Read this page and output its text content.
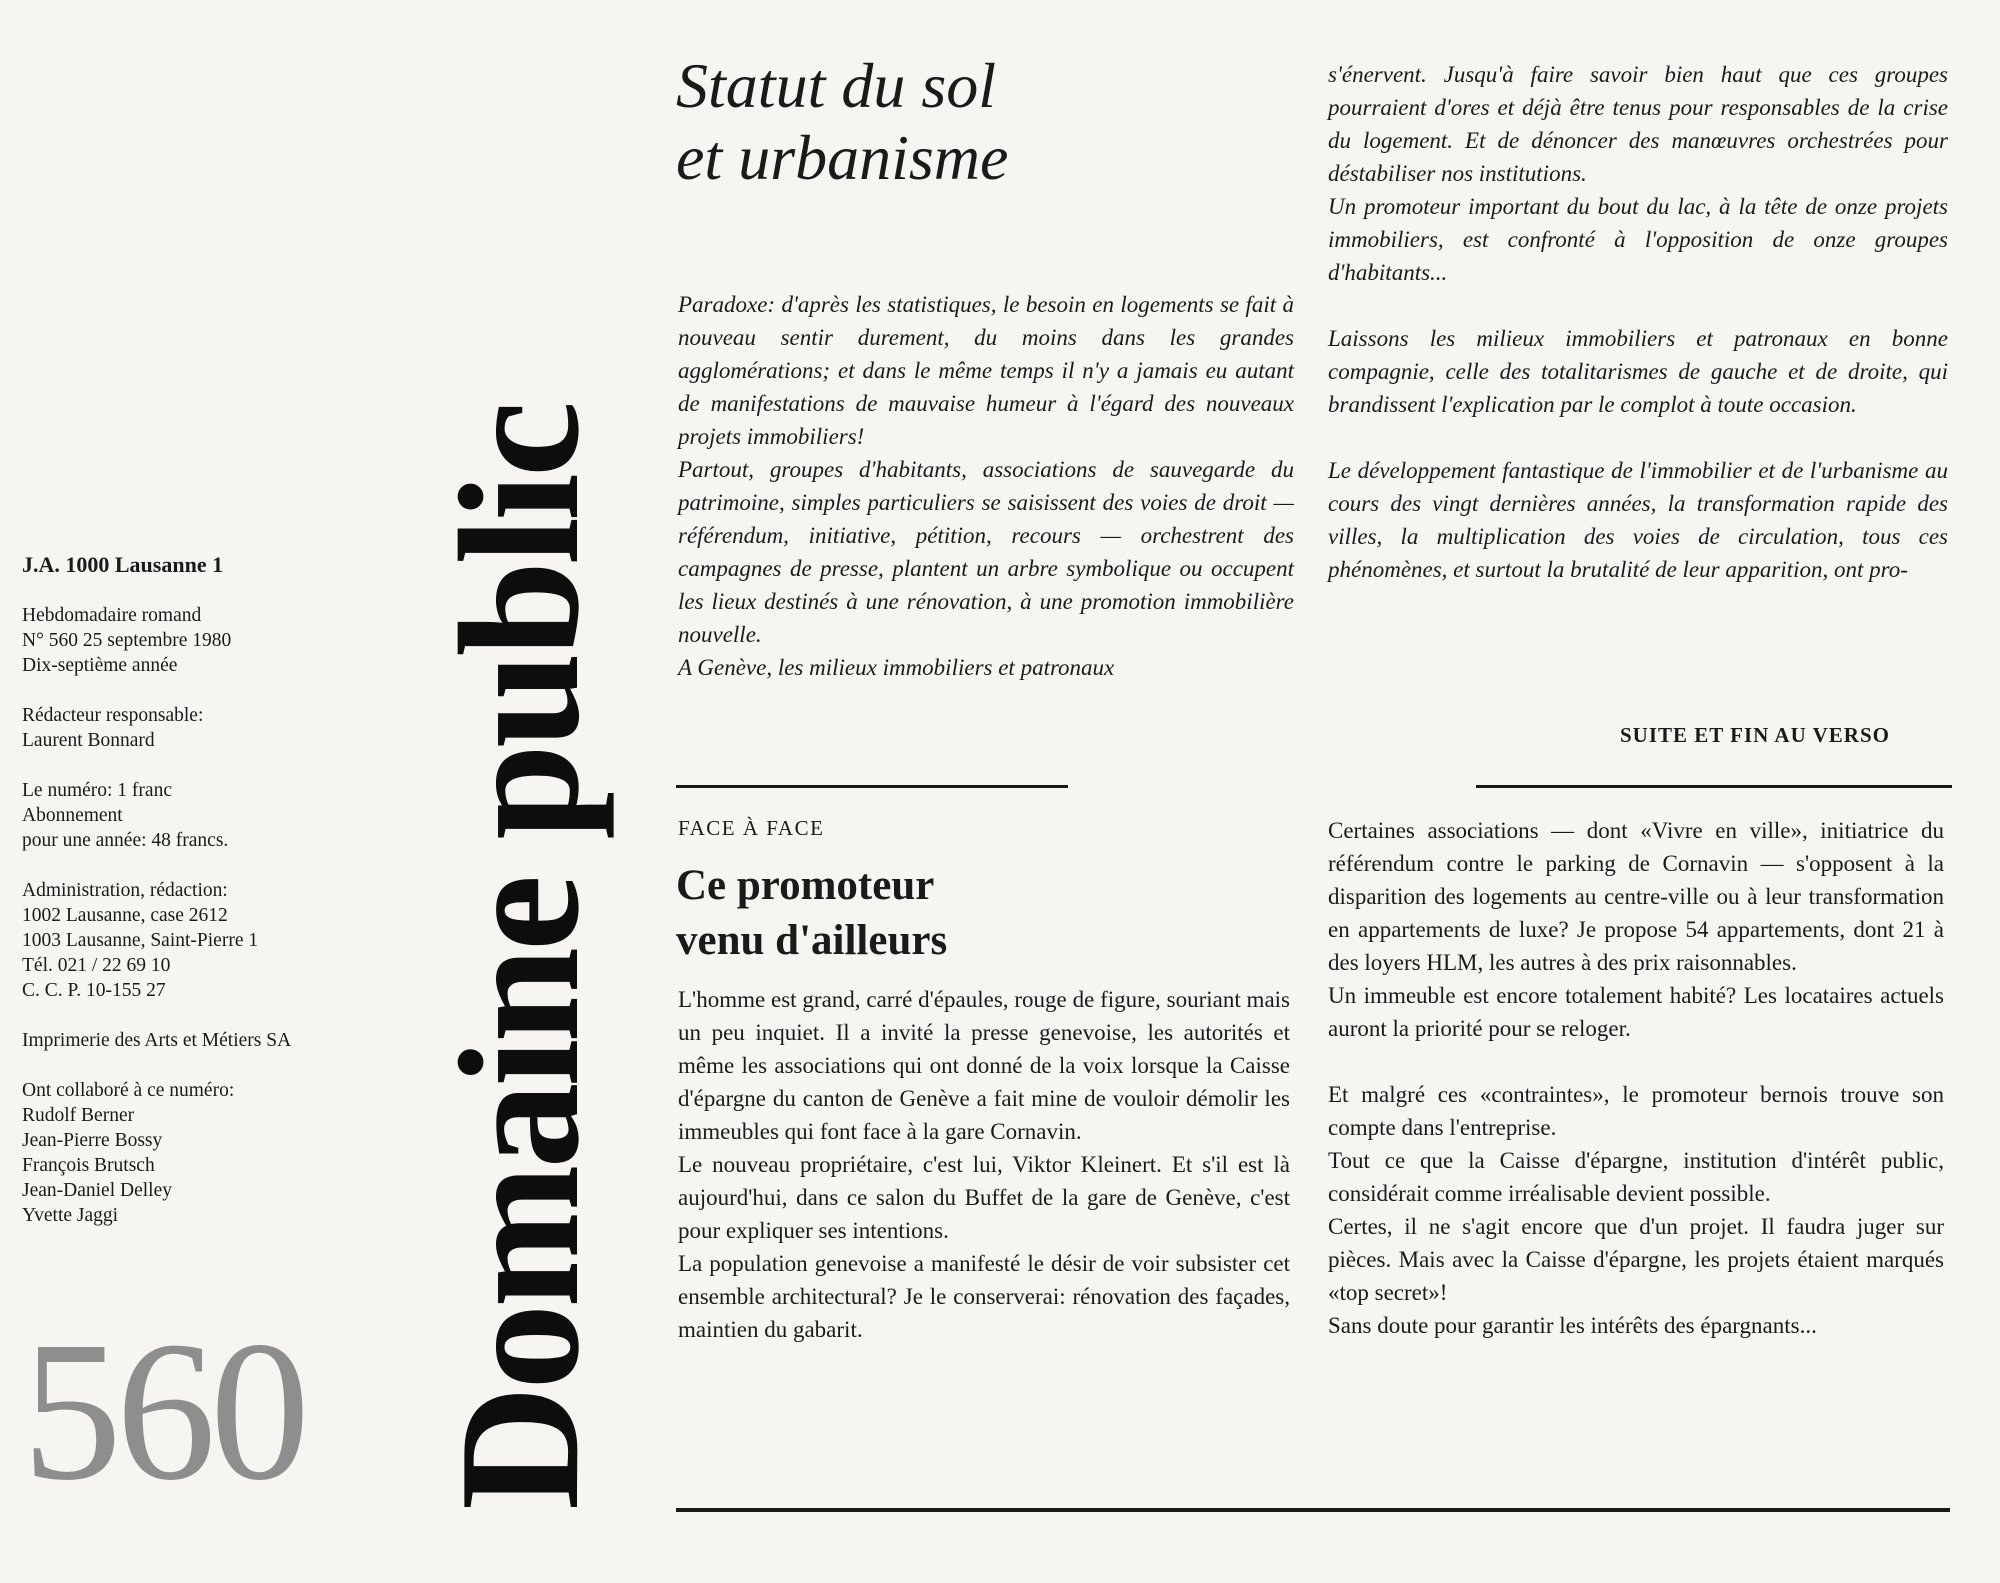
J.A. 1000 Lausanne 1
Hebdomadaire romand
N° 560 25 septembre 1980
Dix-septième année
Rédacteur responsable:
Laurent Bonnard
Le numéro: 1 franc
Abonnement
pour une année: 48 francs.
Administration, rédaction:
1002 Lausanne, case 2612
1003 Lausanne, Saint-Pierre 1
Tél. 021 / 22 69 10
C. C. P. 10-155 27
Imprimerie des Arts et Métiers SA
Ont collaboré à ce numéro:
Rudolf Berner
Jean-Pierre Bossy
François Brutsch
Jean-Daniel Delley
Yvette Jaggi
560 Domaine public
Statut du sol
et urbanisme
Paradoxe: d'après les statistiques, le besoin en logements se fait à nouveau sentir durement, du moins dans les grandes agglomérations; et dans le même temps il n'y a jamais eu autant de manifestations de mauvaise humeur à l'égard des nouveaux projets immobiliers!
Partout, groupes d'habitants, associations de sauvegarde du patrimoine, simples particuliers se saisissent des voies de droit — référendum, initiative, pétition, recours — orchestrent des campagnes de presse, plantent un arbre symbolique ou occupent les lieux destinés à une rénovation, à une promotion immobilière nouvelle.
A Genève, les milieux immobiliers et patronaux
s'énervent. Jusqu'à faire savoir bien haut que ces groupes pourraient d'ores et déjà être tenus pour responsables de la crise du logement. Et de dénoncer des manœuvres orchestrées pour déstabiliser nos institutions.
Un promoteur important du bout du lac, à la tête de onze projets immobiliers, est confronté à l'opposition de onze groupes d'habitants...
Laissons les milieux immobiliers et patronaux en bonne compagnie, celle des totalitarismes de gauche et de droite, qui brandissent l'explication par le complot à toute occasion.
Le développement fantastique de l'immobilier et de l'urbanisme au cours des vingt dernières années, la transformation rapide des villes, la multiplication des voies de circulation, tous ces phénomènes, et surtout la brutalité de leur apparition, ont pro-
SUITE ET FIN AU VERSO
FACE À FACE
Ce promoteur
venu d'ailleurs
L'homme est grand, carré d'épaules, rouge de figure, souriant mais un peu inquiet. Il a invité la presse genevoise, les autorités et même les associations qui ont donné de la voix lorsque la Caisse d'épargne du canton de Genève a fait mine de vouloir démolir les immeubles qui font face à la gare Cornavin.
Le nouveau propriétaire, c'est lui, Viktor Kleinert. Et s'il est là aujourd'hui, dans ce salon du Buffet de la gare de Genève, c'est pour expliquer ses intentions.
La population genevoise a manifesté le désir de voir subsister cet ensemble architectural? Je le conserverai: rénovation des façades, maintien du gabarit.
Certaines associations — dont «Vivre en ville», initiatrice du référendum contre le parking de Cornavin — s'opposent à la disparition des logements au centre-ville ou à leur transformation en appartements de luxe? Je propose 54 appartements, dont 21 à des loyers HLM, les autres à des prix raisonnables.
Un immeuble est encore totalement habité? Les locataires actuels auront la priorité pour se reloger.
Et malgré ces «contraintes», le promoteur bernois trouve son compte dans l'entreprise.
Tout ce que la Caisse d'épargne, institution d'intérêt public, considérait comme irréalisable devient possible.
Certes, il ne s'agit encore que d'un projet. Il faudra juger sur pièces. Mais avec la Caisse d'épargne, les projets étaient marqués «top secret»!
Sans doute pour garantir les intérêts des épargnants...
